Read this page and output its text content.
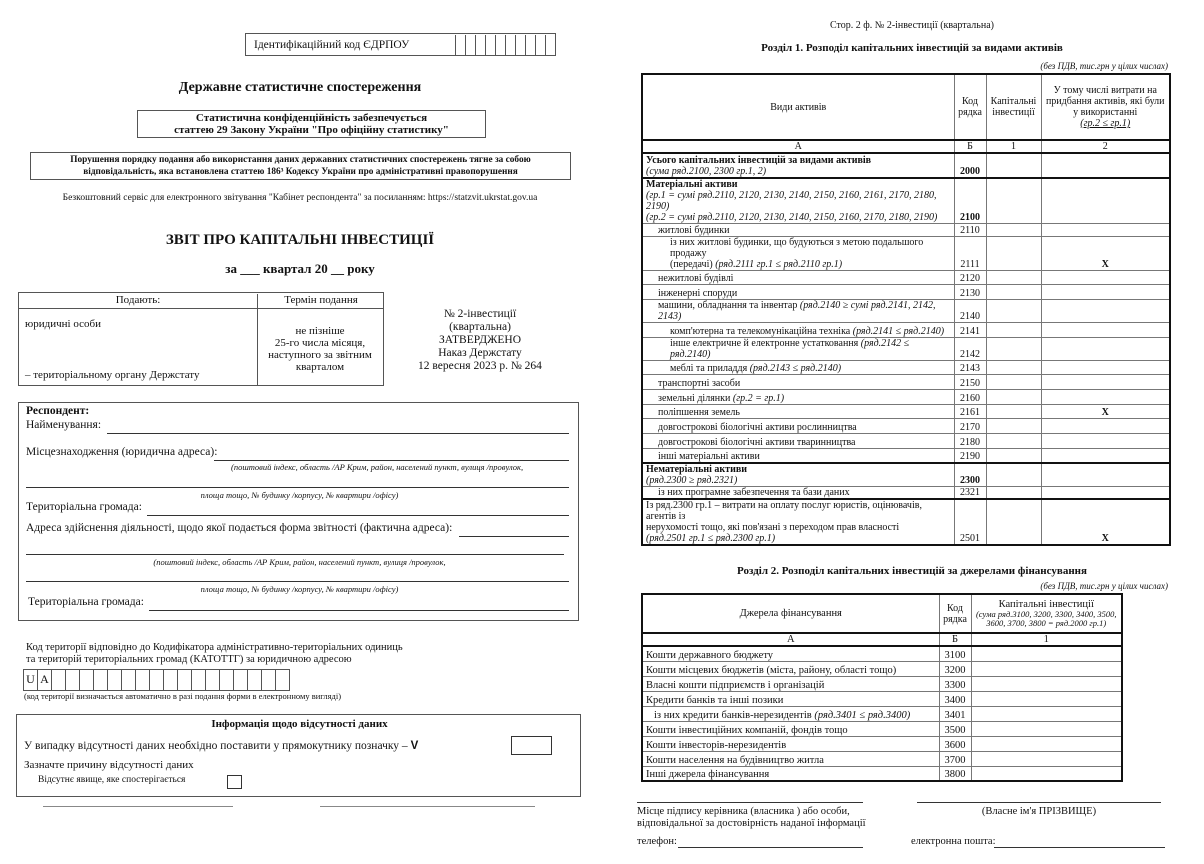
Ідентифікаційний код ЄДРПОУ
Державне статистичне спостереження
Статистична конфіденційність забезпечується
статтею 29 Закону України "Про офіційну статистику"
Порушення порядку подання або використання даних державних статистичних спостережень тягне за собою
відповідальність, яка встановлена статтею 186³ Кодексу України про адміністративні правопорушення
Безкоштовний сервіс для електронного звітування "Кабінет респондента" за посиланням: https://statzvit.ukrstat.gov.ua
ЗВІТ ПРО КАПІТАЛЬНІ ІНВЕСТИЦІЇ
за ___ квартал 20 __ року
Подають:	Термін подання
юридичні особи
– територіальному органу Держстату
не пізніше
25-го числа місяця,
наступного за звітним
кварталом
№ 2-інвестиції
(квартальна)
ЗАТВЕРДЖЕНО
Наказ Держстату
12 вересня 2023 р. № 264
Респондент:
Найменування:
Місцезнаходження (юридична адреса):
(поштовий індекс, область /АР Крим, район, населений пункт, вулиця /провулок,
площа тощо, № будинку /корпусу, № квартири /офісу)
Територіальна громада:
Адреса здійснення діяльності, щодо якої подається форма звітності (фактична адреса):
(поштовий індекс, область /АР Крим, район, населений пункт, вулиця /провулок,
площа тощо, № будинку /корпусу, № квартири /офісу)
Територіальна громада:
Код території відповідно до Кодифікатора адміністративно-територіальних одиниць
та територій територіальних громад (КАТОТТГ) за юридичною адресою
U A
(код території визначається автоматично в разі подання форми в електронному вигляді)
Інформація щодо відсутності даних
У випадку відсутності даних необхідно поставити у прямокутнику позначку – V
Зазначте причину відсутності даних
Відсутнє явище, яке спостерігається
Стор. 2 ф. № 2-інвестиції (квартальна)
Розділ 1. Розподіл капітальних інвестицій за видами активів
(без ПДВ, тис.грн у цілих числах)
Види активів	Код рядка	Капітальні інвестиції	У тому числі витрати на придбання активів, які були у використанні
(гр.2 ≤ гр.1)

А	Б	1	2
Усього капітальних інвестицій за видами активів
(сума ряд.2100, 2300 гр.1, 2)	2000		
Матеріальні активи
(гр.1 = сумі ряд.2110, 2120, 2130, 2140, 2150, 2160, 2161, 2170, 2180, 2190)
(гр.2 = сумі ряд.2110, 2120, 2130, 2140, 2150, 2160, 2170, 2180, 2190)	2100		
житлові будинки	2110		
із них житлові будинки, що будуються з метою подальшого продажу
(передачі) (ряд.2111 гр.1 ≤ ряд.2110 гр.1)	2111		X
нежитлові будівлі	2120		
інженерні споруди	2130		
машини, обладнання та інвентар (ряд.2140 ≥ сумі ряд.2141, 2142, 2143)	2140		
комп'ютерна та телекомунікаційна техніка (ряд.2141 ≤ ряд.2140)	2141		
інше електричне й електронне устатковання (ряд.2142 ≤ ряд.2140)	2142		
меблі та приладдя (ряд.2143 ≤ ряд.2140)	2143		
транспортні засоби	2150		
земельні ділянки (гр.2 = гр.1)	2160		
поліпшення земель	2161		X
довгострокові біологічні активи рослинництва	2170		
довгострокові біологічні активи тваринництва	2180		
інші матеріальні активи	2190		
Нематеріальні активи
(ряд.2300 ≥ ряд.2321)	2300		
із них програмне забезпечення та бази даних	2321		
Із ряд.2300 гр.1 – витрати на оплату послуг юристів, оцінювачів, агентів із
нерухомості тощо, які пов'язані з переходом прав власності
(ряд.2501 гр.1 ≤ ряд.2300 гр.1)	2501		X
Розділ 2. Розподіл капітальних інвестицій за джерелами фінансування
(без ПДВ, тис.грн у цілих числах)
Джерела фінансування	Код рядка	Капітальні інвестиції
(сума ряд.3100, 3200, 3300, 3400, 3500, 3600, 3700, 3800 = ряд.2000 гр.1)

А	Б	1
Кошти державного бюджету	3100	
Кошти місцевих бюджетів (міста, району, області тощо)	3200	
Власні кошти підприємств і організацій	3300	
Кредити банків та інші позики	3400	
із них кредити банків-нерезидентів (ряд.3401 ≤ ряд.3400)	3401	
Кошти інвестиційних компаній, фондів тощо	3500	
Кошти інвесторів-нерезидентів	3600	
Кошти населення на будівництво житла	3700	
Інші джерела фінансування	3800	
Місце підпису керівника (власника ) або особи,
відповідальної за достовірність наданої інформації
(Власне ім'я ПРІЗВИЩЕ)
телефон:	електронна пошта:
